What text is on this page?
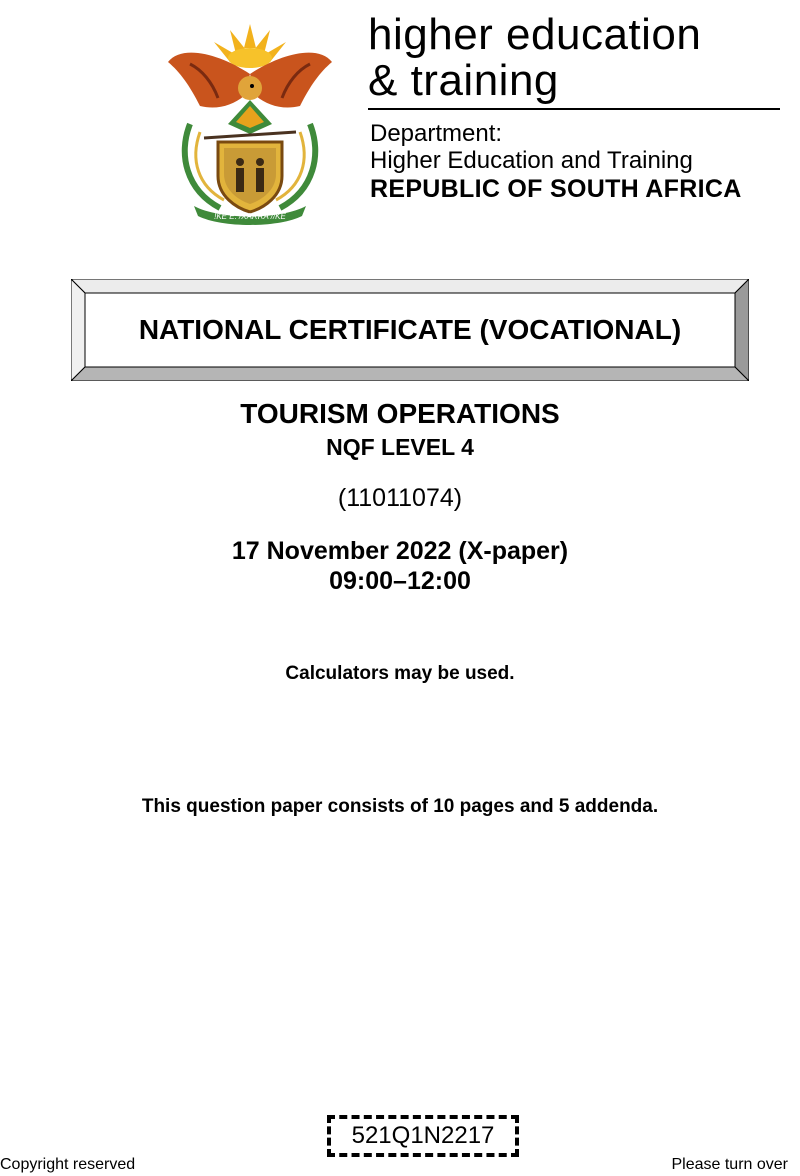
!KE E: /XARRA //KE
higher education
& training
Department:
Higher Education and Training
REPUBLIC OF SOUTH AFRICA
NATIONAL CERTIFICATE (VOCATIONAL)
TOURISM OPERATIONS
NQF LEVEL 4
(11011074)
17 November 2022 (X-paper)
09:00–12:00
Calculators may be used.
This question paper consists of 10 pages and 5 addenda.
521Q1N2217
Copyright reserved	Please turn over
